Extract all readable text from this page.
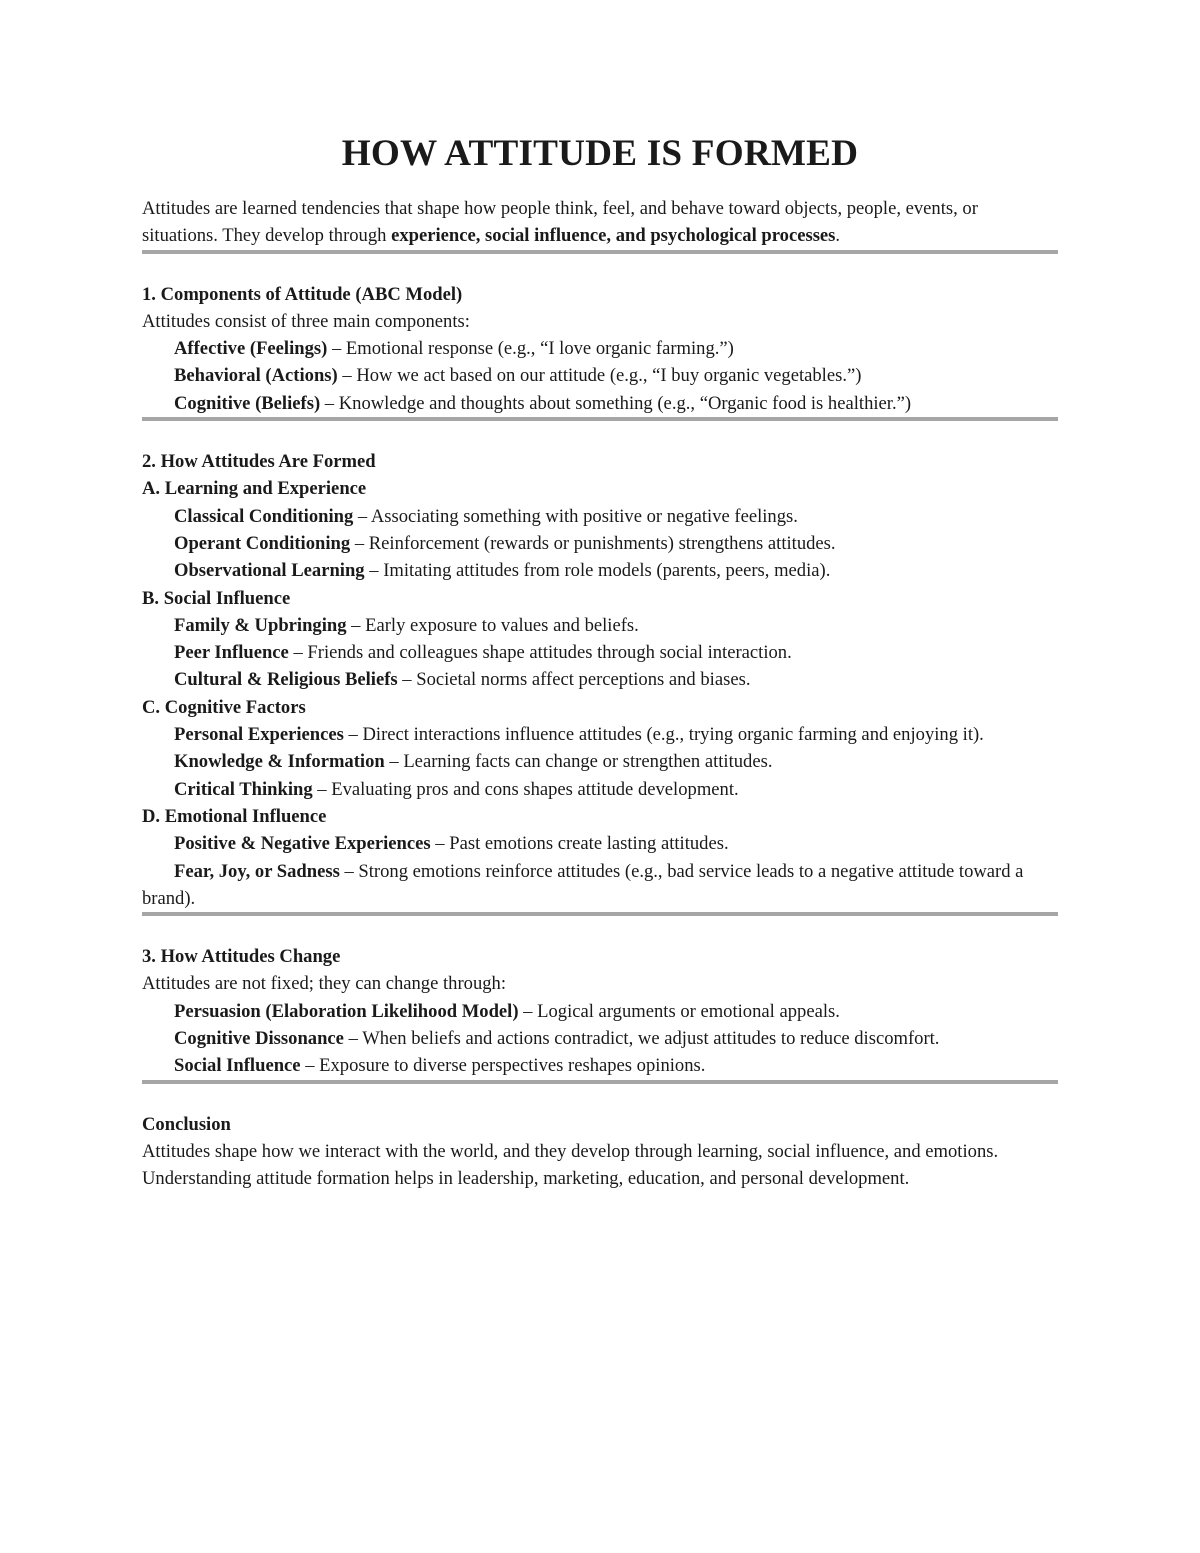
HOW ATTITUDE IS FORMED

Attitudes are learned tendencies that shape how people think, feel, and behave toward objects, people, events, or situations. They develop through experience, social influence, and psychological processes.

1. Components of Attitude (ABC Model)

Attitudes consist of three main components:

Affective (Feelings) – Emotional response (e.g., “I love organic farming.”)

Behavioral (Actions) – How we act based on our attitude (e.g., “I buy organic vegetables.”)

Cognitive (Beliefs) – Knowledge and thoughts about something (e.g., “Organic food is healthier.”)

2. How Attitudes Are Formed

A. Learning and Experience

Classical Conditioning – Associating something with positive or negative feelings.

Operant Conditioning – Reinforcement (rewards or punishments) strengthens attitudes.

Observational Learning – Imitating attitudes from role models (parents, peers, media).

B. Social Influence

Family & Upbringing – Early exposure to values and beliefs.

Peer Influence – Friends and colleagues shape attitudes through social interaction.

Cultural & Religious Beliefs – Societal norms affect perceptions and biases.

C. Cognitive Factors

Personal Experiences – Direct interactions influence attitudes (e.g., trying organic farming and enjoying it).

Knowledge & Information – Learning facts can change or strengthen attitudes.

Critical Thinking – Evaluating pros and cons shapes attitude development.

D. Emotional Influence

Positive & Negative Experiences – Past emotions create lasting attitudes.

Fear, Joy, or Sadness – Strong emotions reinforce attitudes (e.g., bad service leads to a negative attitude toward a brand).

3. How Attitudes Change

Attitudes are not fixed; they can change through:

Persuasion (Elaboration Likelihood Model) – Logical arguments or emotional appeals.

Cognitive Dissonance – When beliefs and actions contradict, we adjust attitudes to reduce discomfort.

Social Influence – Exposure to diverse perspectives reshapes opinions.

Conclusion

Attitudes shape how we interact with the world, and they develop through learning, social influence, and emotions. Understanding attitude formation helps in leadership, marketing, education, and personal development.
